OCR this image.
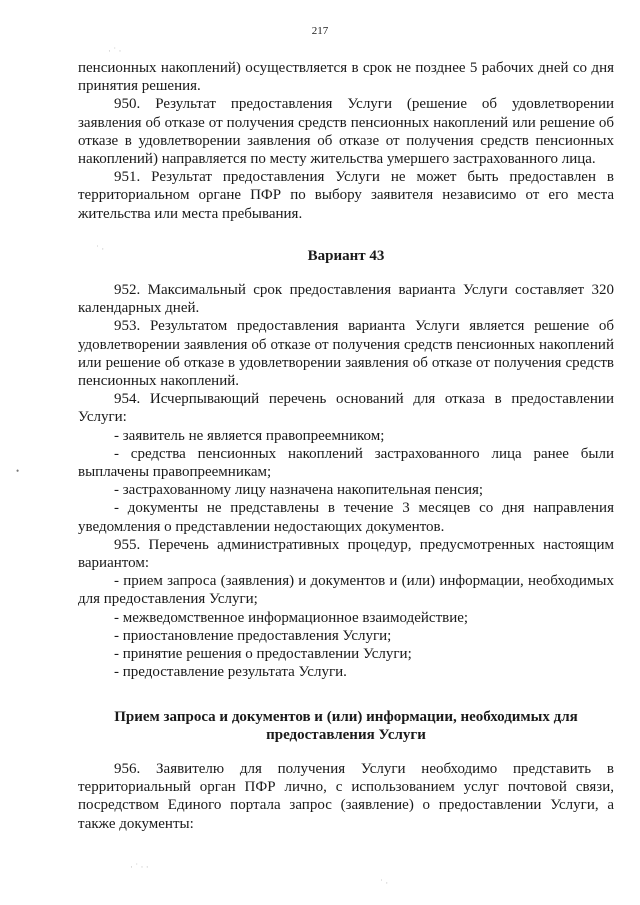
217

пенсионных накоплений) осуществляется в срок не позднее 5 рабочих дней со дня принятия решения.

950. Результат предоставления Услуги (решение об удовлетворении заявления об отказе от получения средств пенсионных накоплений или решение об отказе в удовлетворении заявления об отказе от получения средств пенсионных накоплений) направляется по месту жительства умершего застрахованного лица.

951. Результат предоставления Услуги не может быть предоставлен в территориальном органе ПФР по выбору заявителя независимо от его места жительства или места пребывания.

Вариант 43

952. Максимальный срок предоставления варианта Услуги составляет 320 календарных дней.

953. Результатом предоставления варианта Услуги является решение об удовлетворении заявления об отказе от получения средств пенсионных накоплений или решение об отказе в удовлетворении заявления об отказе от получения средств пенсионных накоплений.

954. Исчерпывающий перечень оснований для отказа в предоставлении Услуги:

- заявитель не является правопреемником;

- средства пенсионных накоплений застрахованного лица ранее были выплачены правопреемникам;

- застрахованному лицу назначена накопительная пенсия;

- документы не представлены в течение 3 месяцев со дня направления уведомления о представлении недостающих документов.

955. Перечень административных процедур, предусмотренных настоящим вариантом:

- прием запроса (заявления) и документов и (или) информации, необходимых для предоставления Услуги;

- межведомственное информационное взаимодействие;

- приостановление предоставления Услуги;

- принятие решения о предоставлении Услуги;

- предоставление результата Услуги.

Прием запроса и документов и (или) информации, необходимых для предоставления Услуги

956. Заявителю для получения Услуги необходимо представить в территориальный орган ПФР лично, с использованием услуг почтовой связи, посредством Единого портала запрос (заявление) о предоставлении Услуги, а также документы:

· ˙ ·
˙ ·
•
· ˙ · ·
˙ ·
